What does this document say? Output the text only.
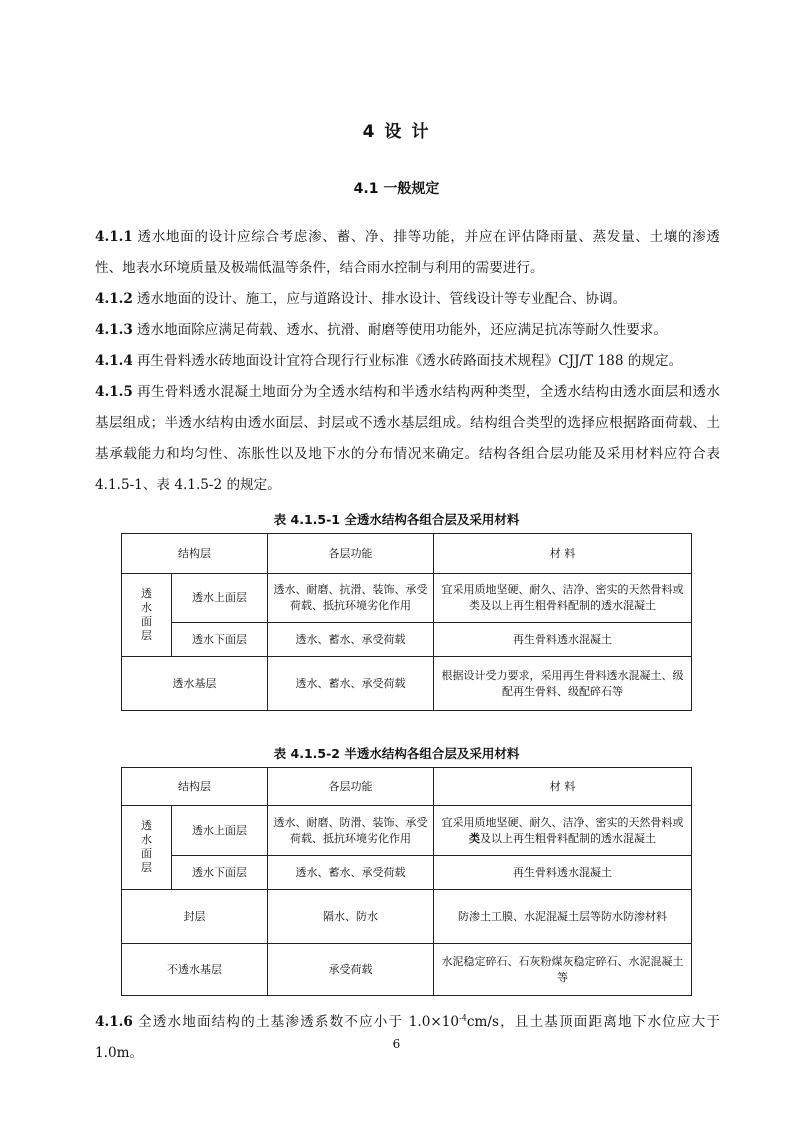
4 设 计
4.1 一般规定
4.1.1 透水地面的设计应综合考虑渗、蓄、净、排等功能，并应在评估降雨量、蒸发量、土壤的渗透性、地表水环境质量及极端低温等条件，结合雨水控制与利用的需要进行。
4.1.2 透水地面的设计、施工，应与道路设计、排水设计、管线设计等专业配合、协调。
4.1.3 透水地面除应满足荷载、透水、抗滑、耐磨等使用功能外，还应满足抗冻等耐久性要求。
4.1.4 再生骨料透水砖地面设计宜符合现行行业标准《透水砖路面技术规程》CJJ/T 188 的规定。
4.1.5 再生骨料透水混凝土地面分为全透水结构和半透水结构两种类型，全透水结构由透水面层和透水基层组成；半透水结构由透水面层、封层或不透水基层组成。结构组合类型的选择应根据路面荷载、土基承载能力和均匀性、冻胀性以及地下水的分布情况来确定。结构各组合层功能及采用材料应符合表 4.1.5-1、表 4.1.5-2 的规定。
表 4.1.5-1 全透水结构各组合层及采用材料
结构层		各层功能	材 料
透水面层	透水上面层	透水、耐磨、抗滑、装饰、承受荷载、抵抗环境劣化作用	宜采用质地坚硬、耐久、洁净、密实的天然骨料或 类及以上再生粗骨料配制的透水混凝土
	透水下面层	透水、蓄水、承受荷载	再生骨料透水混凝土
透水基层		透水、蓄水、承受荷载	根据设计受力要求，采用再生骨料透水混凝土、级配再生骨料、级配碎石等
表 4.1.5-2 半透水结构各组合层及采用材料
结构层		各层功能	材 料
透水面层	透水上面层	透水、耐磨、防滑、装饰、承受荷载、抵抗环境劣化作用	宜采用质地坚硬、耐久、洁净、密实的天然骨料或 类及以上再生粗骨料配制的透水混凝土
	透水下面层	透水、蓄水、承受荷载	再生骨料透水混凝土
封层		隔水、防水	防渗土工膜、水泥混凝土层等防水防渗材料
不透水基层		承受荷载	水泥稳定碎石、石灰粉煤灰稳定碎石、水泥混凝土等
4.1.6 全透水地面结构的土基渗透系数不应小于 $1.0\times 10^{-4}cm/s$，且土基顶面距离地下水位应大于 1.0m。
6
